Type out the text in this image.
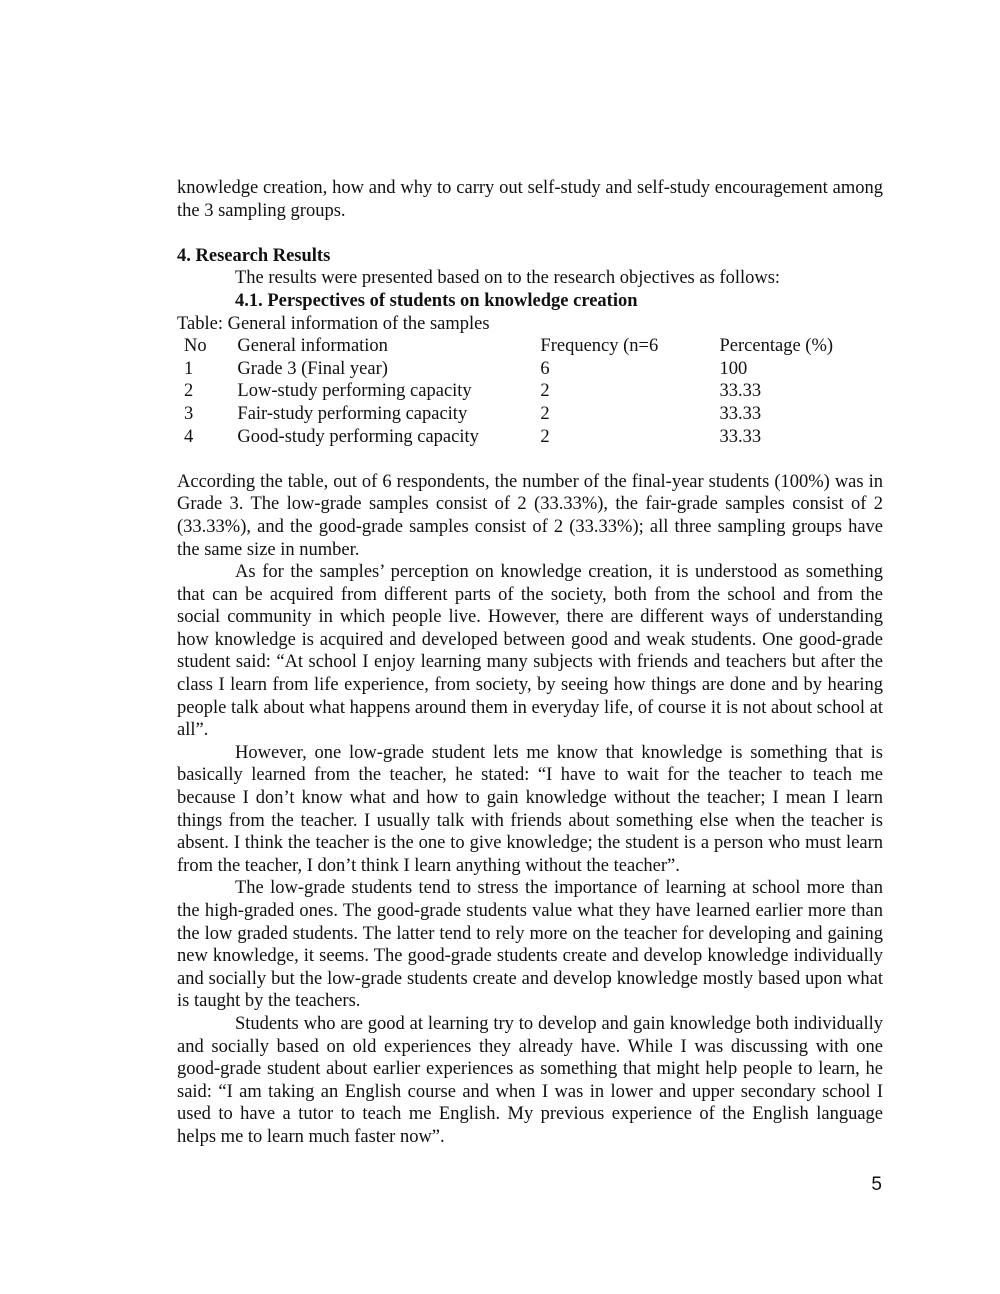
knowledge creation, how and why to carry out self-study and self-study encouragement among the 3 sampling groups.

4. Research Results

The results were presented based on to the research objectives as follows:

4.1. Perspectives of students on knowledge creation

Table: General information of the samples

No	General information	Frequency (n=6	Percentage (%)
1	Grade 3 (Final year)	6	100
2	Low-study performing capacity	2	33.33
3	Fair-study performing capacity	2	33.33
4	Good-study performing capacity	2	33.33

According the table, out of 6 respondents, the number of the final-year students (100%) was in Grade 3. The low-grade samples consist of 2 (33.33%), the fair-grade samples consist of 2 (33.33%), and the good-grade samples consist of 2 (33.33%); all three sampling groups have the same size in number.

As for the samples’ perception on knowledge creation, it is understood as something that can be acquired from different parts of the society, both from the school and from the social community in which people live. However, there are different ways of understanding how knowledge is acquired and developed between good and weak students. One good-grade student said: “At school I enjoy learning many subjects with friends and teachers but after the class I learn from life experience, from society, by seeing how things are done and by hearing people talk about what happens around them in everyday life, of course it is not about school at all”.

However, one low-grade student lets me know that knowledge is something that is basically learned from the teacher, he stated: “I have to wait for the teacher to teach me because I don’t know what and how to gain knowledge without the teacher; I mean I learn things from the teacher. I usually talk with friends about something else when the teacher is absent. I think the teacher is the one to give knowledge; the student is a person who must learn from the teacher, I don’t think I learn anything without the teacher”.

The low-grade students tend to stress the importance of learning at school more than the high-graded ones. The good-grade students value what they have learned earlier more than the low graded students. The latter tend to rely more on the teacher for developing and gaining new knowledge, it seems. The good-grade students create and develop knowledge individually and socially but the low-grade students create and develop knowledge mostly based upon what is taught by the teachers.

Students who are good at learning try to develop and gain knowledge both individually and socially based on old experiences they already have. While I was discussing with one good-grade student about earlier experiences as something that might help people to learn, he said: “I am taking an English course and when I was in lower and upper secondary school I used to have a tutor to teach me English. My previous experience of the English language helps me to learn much faster now”.

5
